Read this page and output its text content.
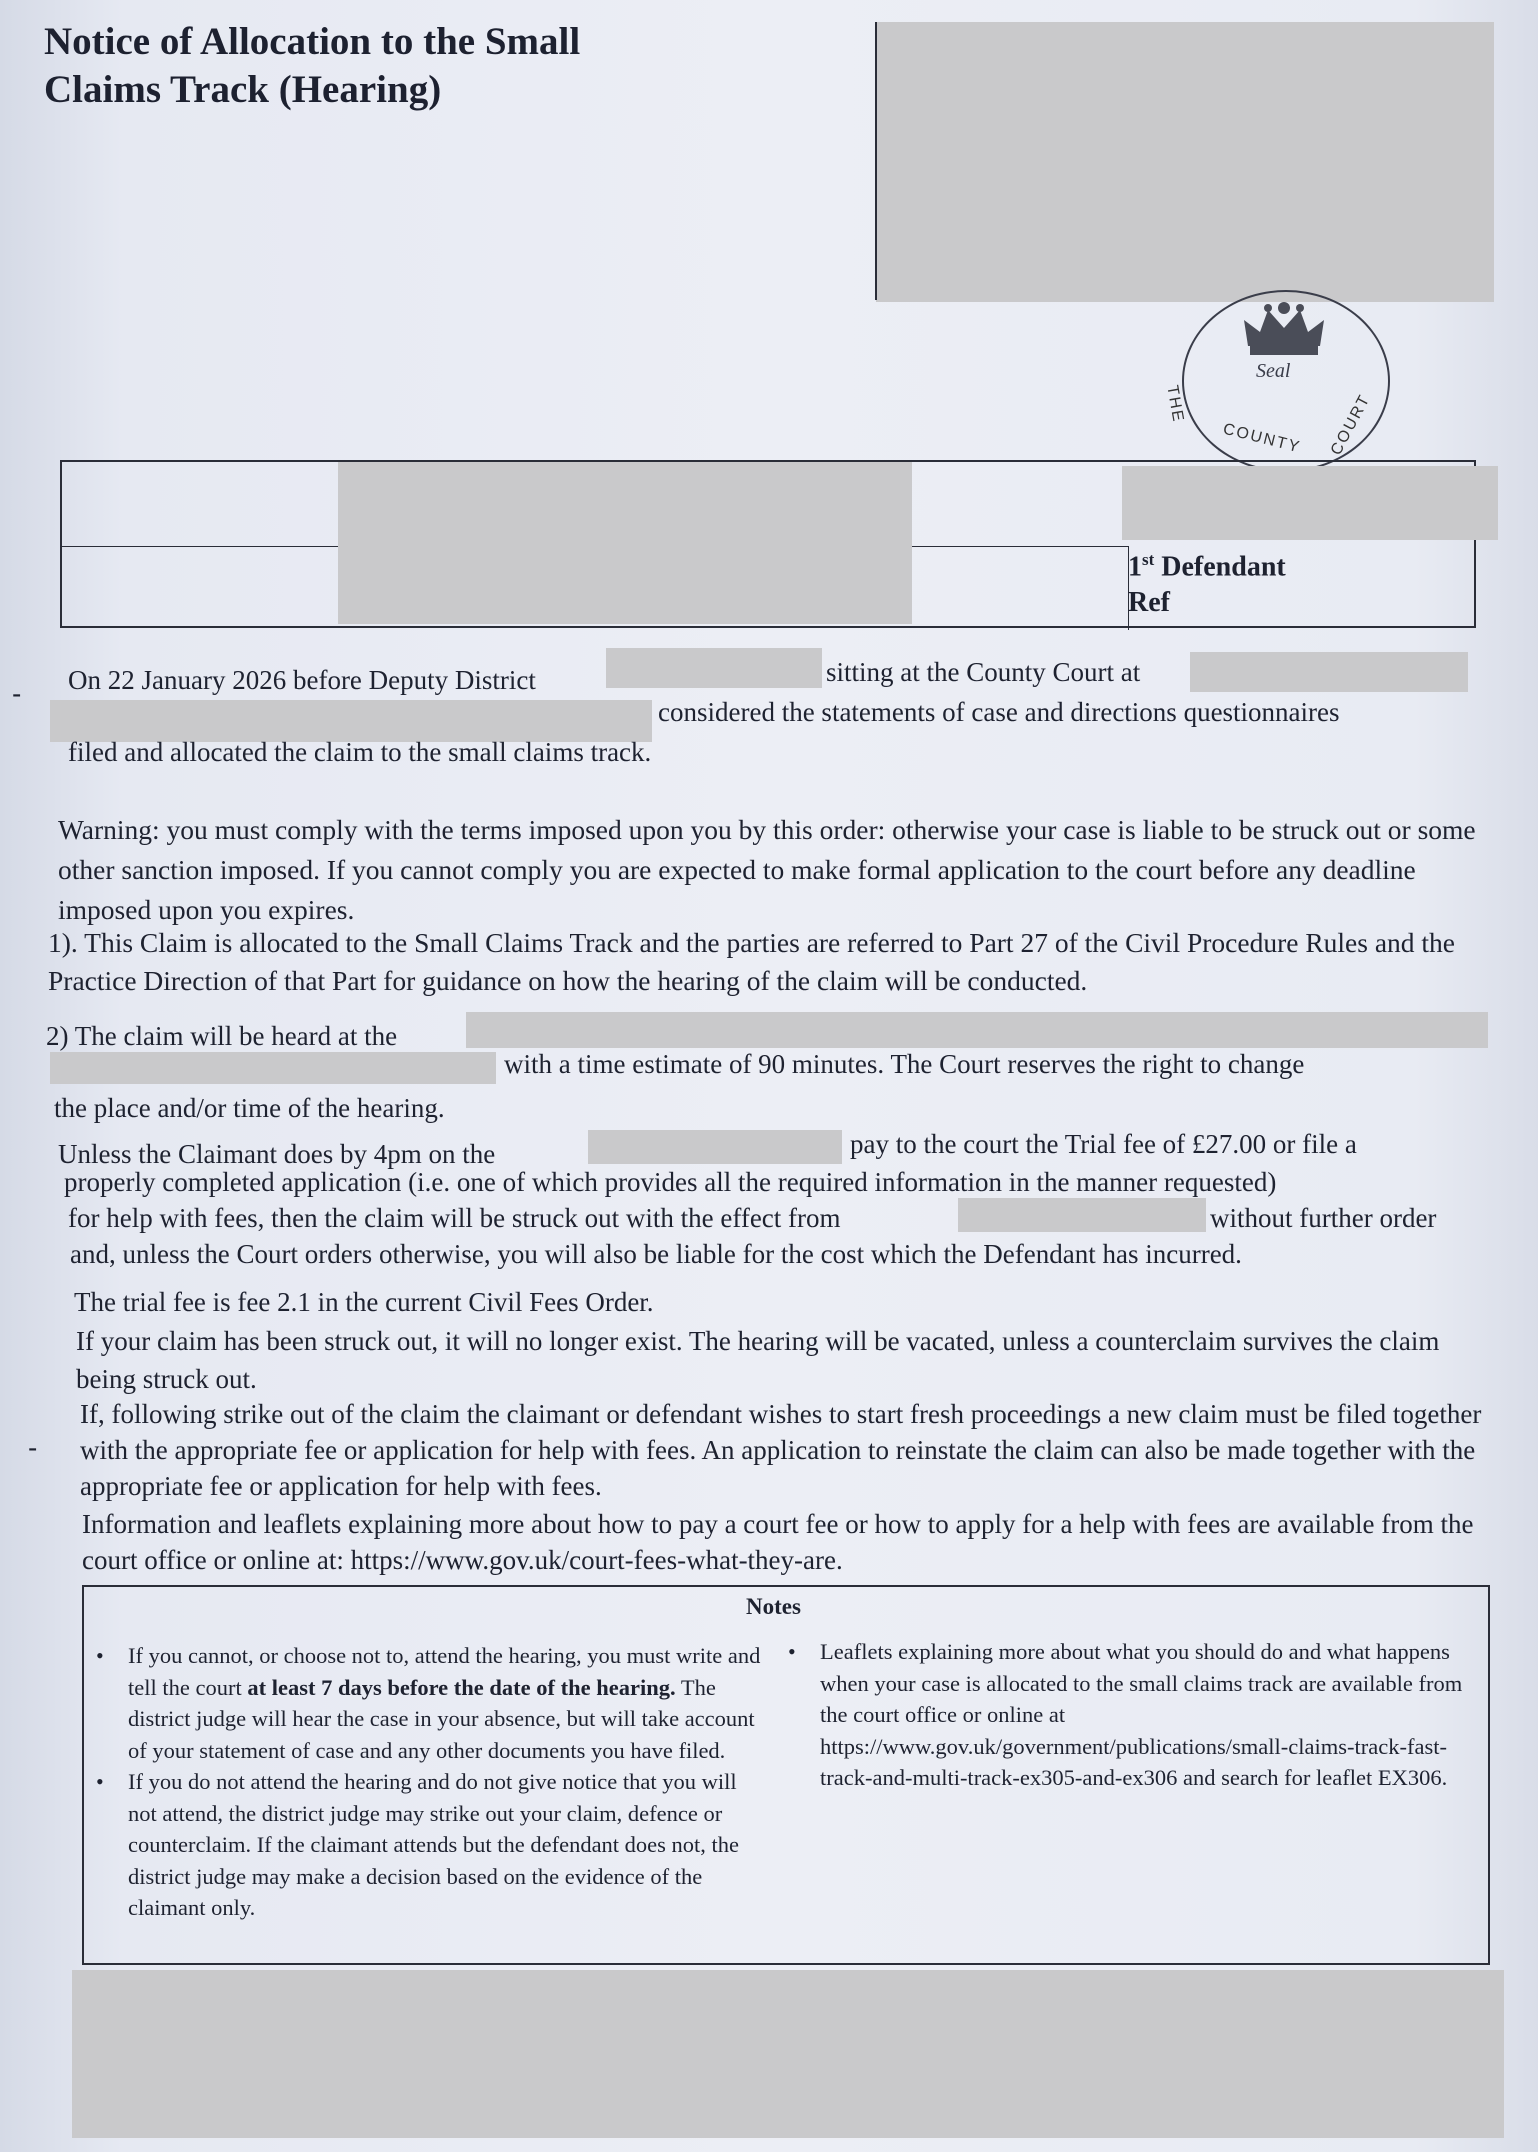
Notice of Allocation to the Small Claims Track (Hearing)
Seal
THE
COUNTY COURT
1st Defendant
Ref
- On 22 January 2026 before Deputy District	sitting at the County Court at
considered the statements of case and directions questionnaires
filed and allocated the claim to the small claims track.
Warning: you must comply with the terms imposed upon you by this order: otherwise your case is liable to be struck out or some other sanction imposed. If you cannot comply you are expected to make formal application to the court before any deadline imposed upon you expires.
1). This Claim is allocated to the Small Claims Track and the parties are referred to Part 27 of the Civil Procedure Rules and the Practice Direction of that Part for guidance on how the hearing of the claim will be conducted.
2) The claim will be heard at the
with a time estimate of 90 minutes. The Court reserves the right to change
the place and/or time of the hearing.
Unless the Claimant does by 4pm on the	pay to the court the Trial fee of £27.00 or file a
properly completed application (i.e. one of which provides all the required information in the manner requested)
for help with fees, then the claim will be struck out with the effect from	without further order
and, unless the Court orders otherwise, you will also be liable for the cost which the Defendant has incurred.
The trial fee is fee 2.1 in the current Civil Fees Order.
If your claim has been struck out, it will no longer exist. The hearing will be vacated, unless a counterclaim survives the claim being struck out.
-
If, following strike out of the claim the claimant or defendant wishes to start fresh proceedings a new claim must be filed together with the appropriate fee or application for help with fees. An application to reinstate the claim can also be made together with the appropriate fee or application for help with fees.
Information and leaflets explaining more about how to pay a court fee or how to apply for a help with fees are available from the court office or online at: https://www.gov.uk/court-fees-what-they-are.
Notes
• If you cannot, or choose not to, attend the hearing, you must write and tell the court at least 7 days before the date of the hearing. The district judge will hear the case in your absence, but will take account of your statement of case and any other documents you have filed.
• If you do not attend the hearing and do not give notice that you will not attend, the district judge may strike out your claim, defence or counterclaim. If the claimant attends but the defendant does not, the district judge may make a decision based on the evidence of the claimant only.
• Leaflets explaining more about what you should do and what happens when your case is allocated to the small claims track are available from the court office or online at https://www.gov.uk/government/publications/small-claims-track-fast-track-and-multi-track-ex305-and-ex306 and search for leaflet EX306.
